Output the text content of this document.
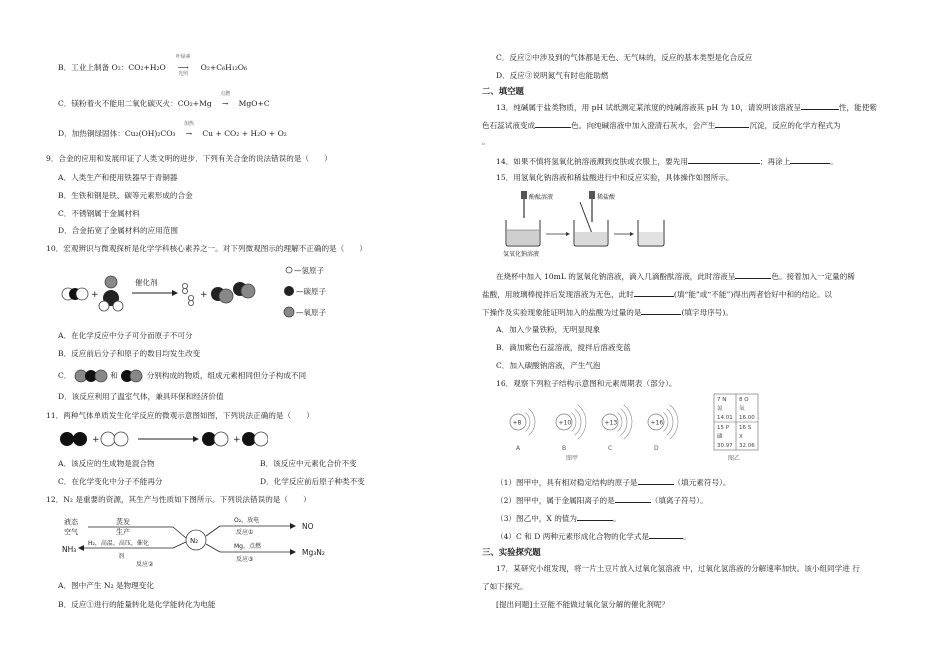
B．工业上制备 O₂：CO₂+H₂O
叶绿素
⟶
光照
O₂+C₆H₁₂O₆
C．镁粉着火不能用二氧化碳灭火：CO₂+Mg
点燃
→ MgO+C
D．加热铜绿固体：Cu₂(OH)₂CO₃
加热
→ Cu + CO₂ + H₂O + O₂
9．合金的应用和发展印证了人类文明的进步．下列有关合金的说法错误的是（　　）
A．人类生产和使用铁器早于青铜器
B．生铁和钢是铁、碳等元素形成的合金
C．不锈钢属于金属材料
D．合金拓宽了金属材料的应用范围
10．宏观辨识与微观探析是化学学科核心素养之一。对下列微观图示的理解不正确的是（　　）
+
催化剂
+
—氢原子
—碳原子
—氧原子
A．在化学反应中分子可分而原子不可分
B．反应前后分子和原子的数目均发生改变
C．	和	分别构成的物质，组成元素相同但分子构成不同
D．该反应利用了温室气体，兼具环保和经济价值
11．两种气体单质发生化学反应的微观示意图如图，下列说法正确的是（　　）
+	+
A．该反应的生成物是混合物	B．该反应中元素化合价不变
C．在化学变化中分子不能再分	D．化学反应前后原子种类不变
12．N₂ 是重要的资源，其生产与性质如下图所示。下列说法错误的是（　　）
液态
空气
蒸发
生产
NH₃
H₂，高温、高压，催化
剂
反应②
N₂
O₂，放电
反应①
NO
Mg，点燃
反应③
Mg₃N₂
A．图中产生 N₂ 是物理变化
B．反应①进行的能量转化是化学能转化为电能
C．反应②中涉及到的气体都是无色、无气味的，反应的基本类型是化合反应
D．反应③说明氮气有时也能助燃
二、填空题
13．纯碱属于盐类物质，用 pH 试纸测定某浓度的纯碱溶液其 pH 为 10，请说明该溶液呈	性，能使紫
色石蕊试液变成	色。向纯碱溶液中加入澄清石灰水，会产生	沉淀，反应的化学方程式为
。
14．如果不慎将氢氧化钠溶液溅到皮肤或衣服上，要先用	；再涂上	。
15．用氢氧化钠溶液和稀盐酸进行中和反应实验，具体操作如图所示。
酚酞溶液
氢氧化钠溶液
稀盐酸
在烧杯中加入 10mL 的氢氧化钠溶液，滴入几滴酚酞溶液，此时溶液呈	色。接着加入一定量的稀
盐酸，用玻璃棒搅拌后发现溶液为无色，此时	(填“能”或“不能”)得出两者恰好中和的结论。以
下操作及实验现象能证明加入的盐酸为过量的是	(填字母序号)。
A．加入少量铁粉，无明显现象
B．滴加紫色石蕊溶液，搅拌后溶液变蓝
C．加入碳酸钠溶液，产生气泡
16．观察下列粒子结构示意图和元素周期表（部分）。
+8
A
+10
B
+13
C
+16
D
图甲
7 N 8 O
氮	氧
14.01 16.00
15 P 16 S
磷	X
30.97 32.06
图乙
（1）图甲中，具有相对稳定结构的原子是	（填元素符号）。
（2）图甲中，属于金属阳离子的是	（填离子符号）。
（3）图乙中，X 的值为	。
（4）C 和 D 两种元素形成化合物的化学式是	。
三、实验探究题
17．某研究小组发现，将一片土豆片放入过氧化氢溶液 中，过氧化氢溶液的分解速率加快。该小组同学进 行
了如下探究。
[提出问题]土豆能不能做过氧化氢分解的催化剂呢？
